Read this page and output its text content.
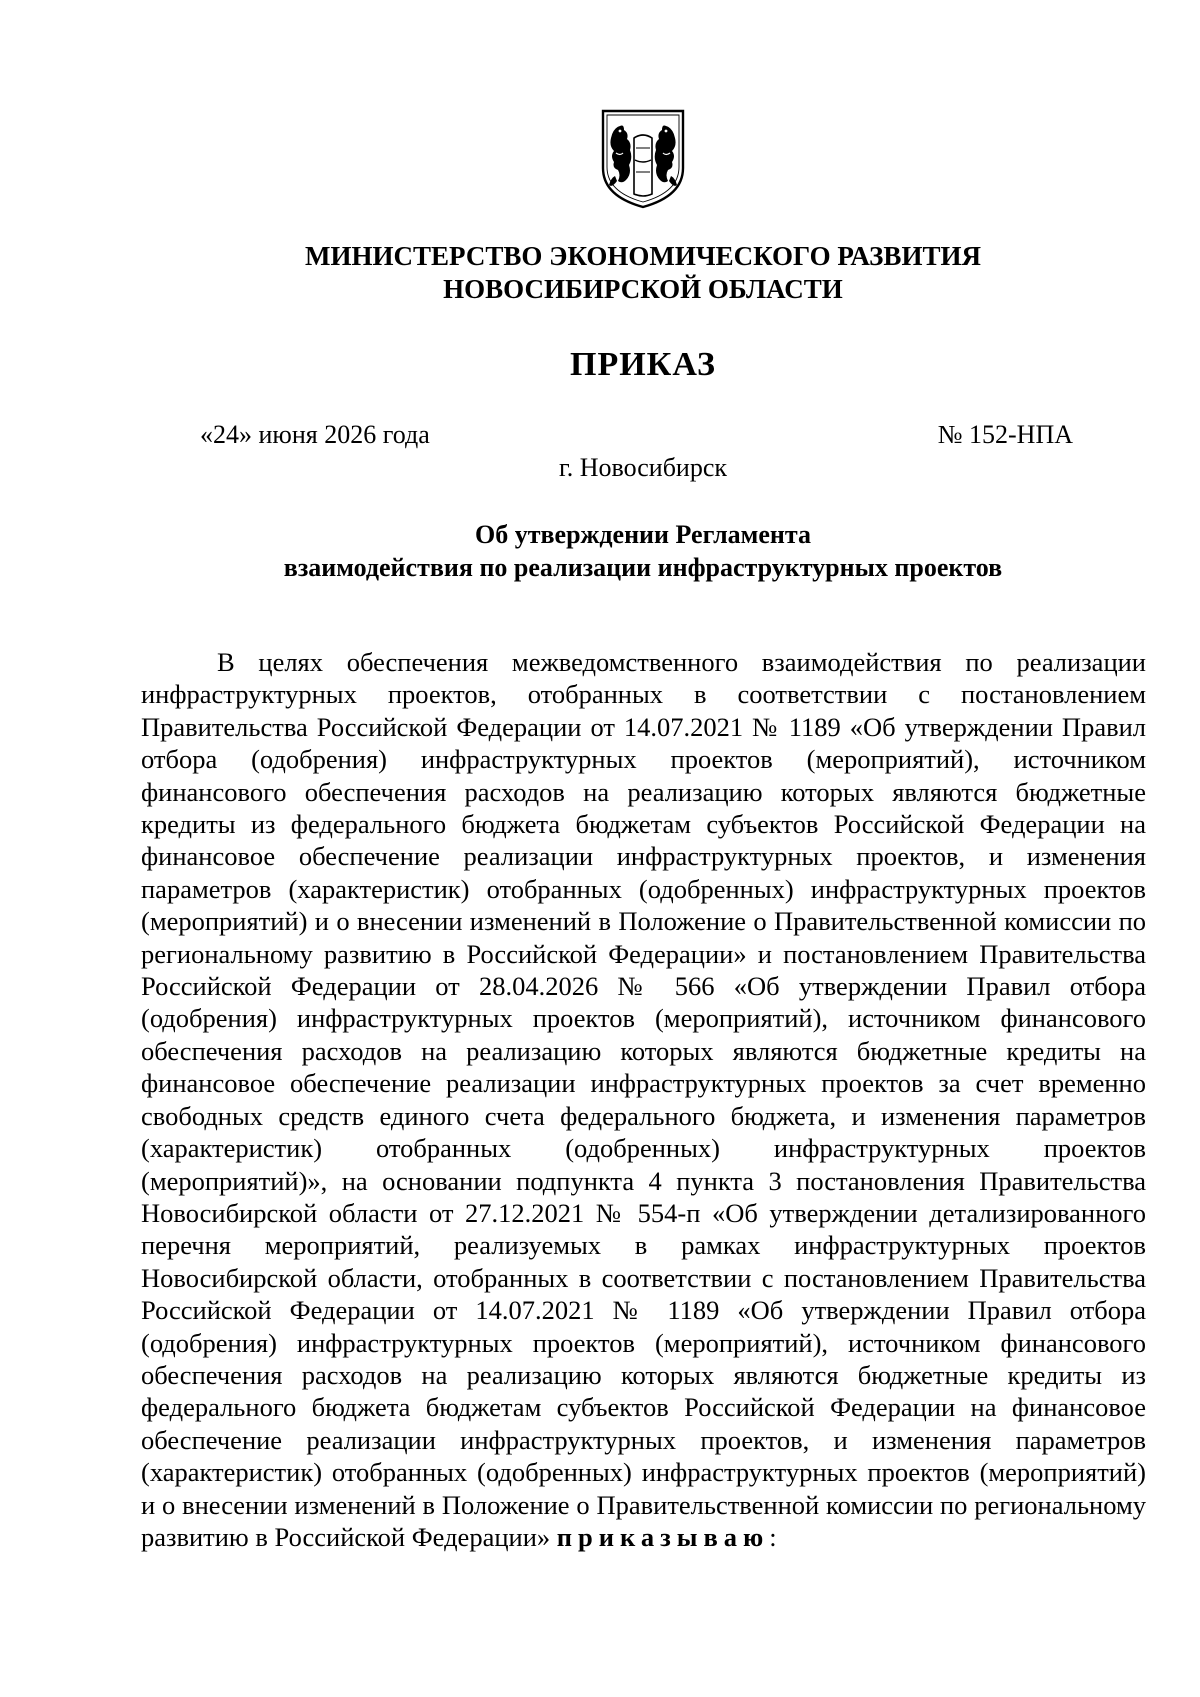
МИНИСТЕРСТВО ЭКОНОМИЧЕСКОГО РАЗВИТИЯ
НОВОСИБИРСКОЙ ОБЛАСТИ
ПРИКАЗ
«24» июня 2026 года	№ 152-НПА
г. Новосибирск
Об утверждении Регламента
взаимодействия по реализации инфраструктурных проектов

В целях обеспечения межведомственного взаимодействия по реализации инфраструктурных проектов, отобранных в соответствии с постановлением Правительства Российской Федерации от 14.07.2021 № 1189 «Об утверждении Правил отбора (одобрения) инфраструктурных проектов (мероприятий), источником финансового обеспечения расходов на реализацию которых являются бюджетные кредиты из федерального бюджета бюджетам субъектов Российской Федерации на финансовое обеспечение реализации инфраструктурных проектов, и изменения параметров (характеристик) отобранных (одобренных) инфраструктурных проектов (мероприятий) и о внесении изменений в Положение о Правительственной комиссии по региональному развитию в Российской Федерации» и постановлением Правительства Российской Федерации от 28.04.2026 № 566 «Об утверждении Правил отбора (одобрения) инфраструктурных проектов (мероприятий), источником финансового обеспечения расходов на реализацию которых являются бюджетные кредиты на финансовое обеспечение реализации инфраструктурных проектов за счет временно свободных средств единого счета федерального бюджета, и изменения параметров (характеристик) отобранных (одобренных) инфраструктурных проектов (мероприятий)», на основании подпункта 4 пункта 3 постановления Правительства Новосибирской области от 27.12.2021 № 554-п «Об утверждении детализированного перечня мероприятий, реализуемых в рамках инфраструктурных проектов Новосибирской области, отобранных в соответствии с постановлением Правительства Российской Федерации от 14.07.2021 № 1189 «Об утверждении Правил отбора (одобрения) инфраструктурных проектов (мероприятий), источником финансового обеспечения расходов на реализацию которых являются бюджетные кредиты из федерального бюджета бюджетам субъектов Российской Федерации на финансовое обеспечение реализации инфраструктурных проектов, и изменения параметров (характеристик) отобранных (одобренных) инфраструктурных проектов (мероприятий) и о внесении изменений в Положение о Правительственной комиссии по региональному развитию в Российской Федерации» приказываю:
